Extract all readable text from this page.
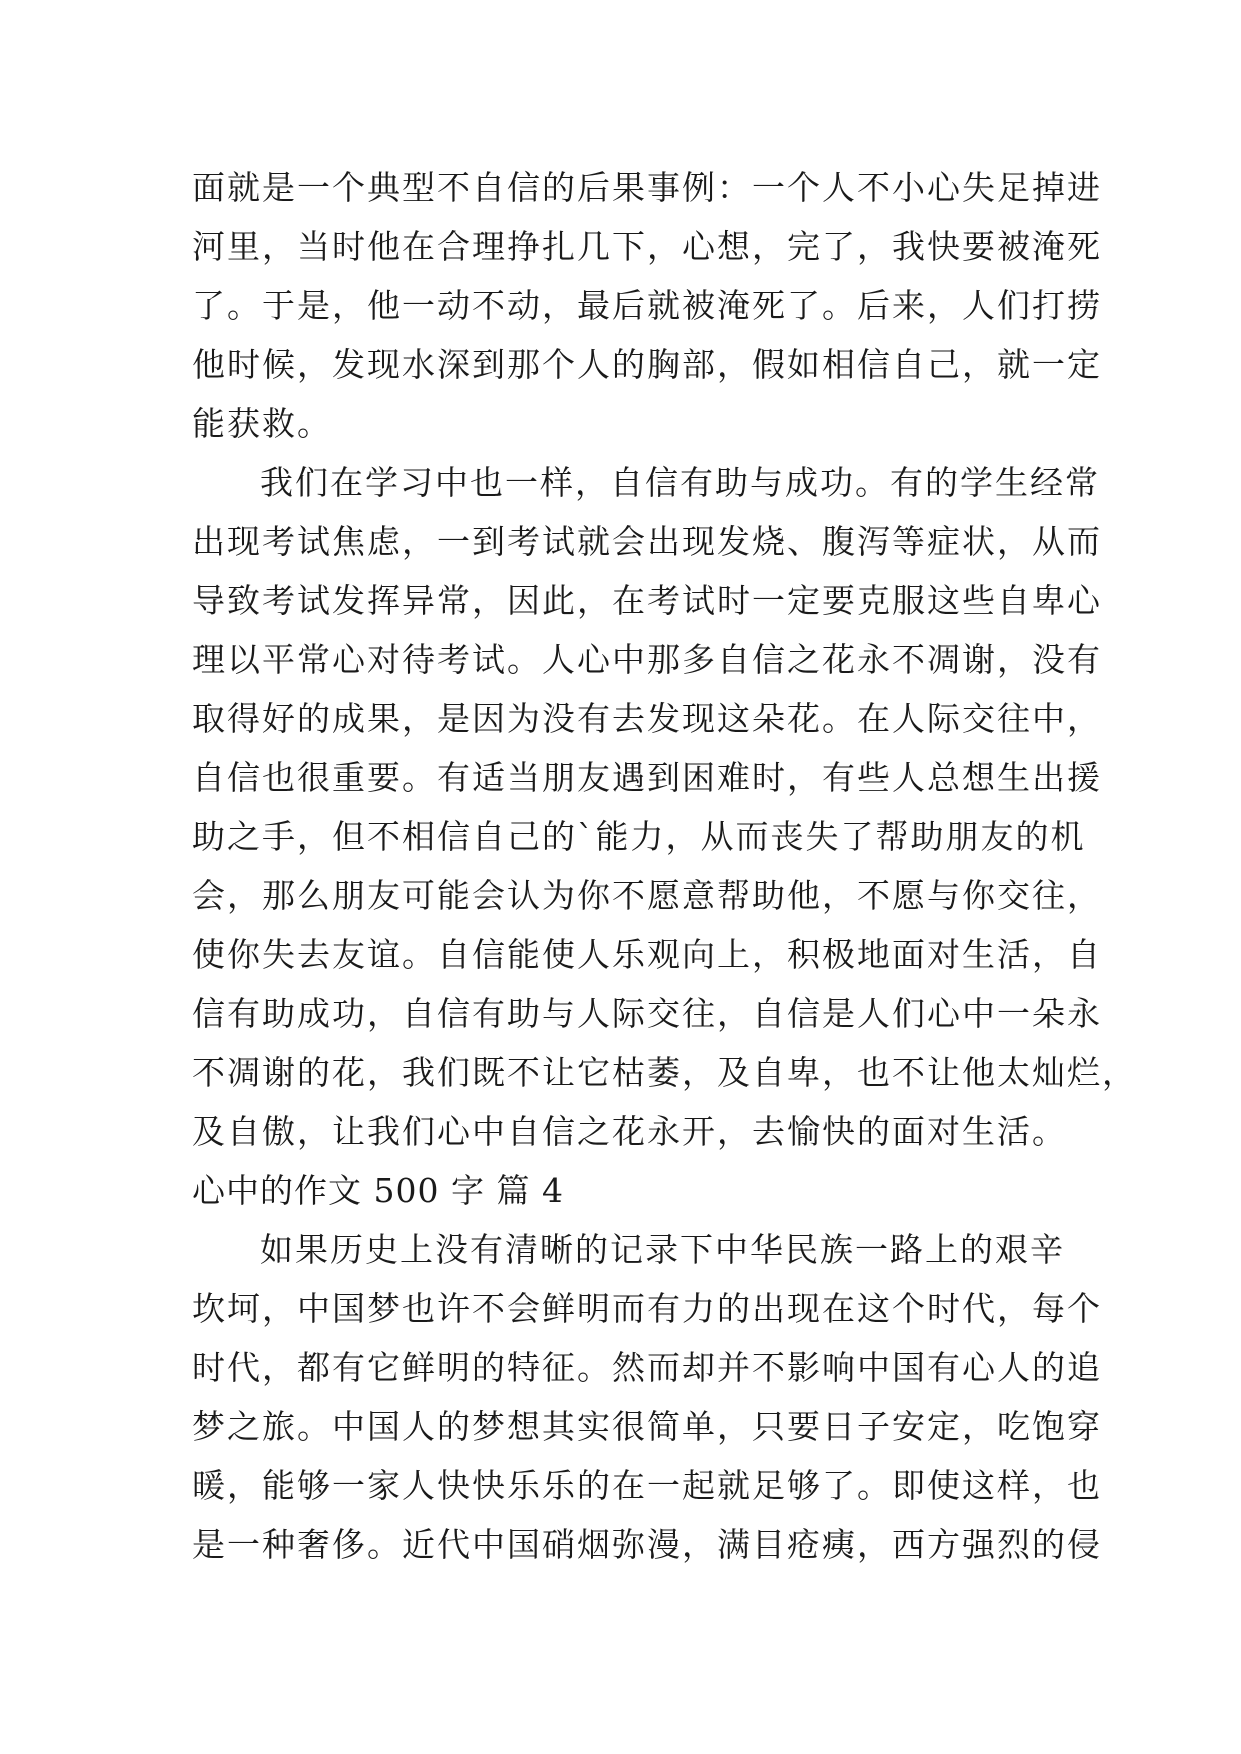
面就是一个典型不自信的后果事例：一个人不小心失足掉进
河里，当时他在合理挣扎几下，心想，完了，我快要被淹死
了。于是，他一动不动，最后就被淹死了。后来，人们打捞
他时候，发现水深到那个人的胸部，假如相信自己，就一定
能获救。
我们在学习中也一样，自信有助与成功。有的学生经常
出现考试焦虑，一到考试就会出现发烧、腹泻等症状，从而
导致考试发挥异常，因此，在考试时一定要克服这些自卑心
理以平常心对待考试。人心中那多自信之花永不凋谢，没有
取得好的成果，是因为没有去发现这朵花。在人际交往中，
自信也很重要。有适当朋友遇到困难时，有些人总想生出援
助之手，但不相信自己的`能力，从而丧失了帮助朋友的机
会，那么朋友可能会认为你不愿意帮助他，不愿与你交往，
使你失去友谊。自信能使人乐观向上，积极地面对生活，自
信有助成功，自信有助与人际交往，自信是人们心中一朵永
不凋谢的花，我们既不让它枯萎，及自卑，也不让他太灿烂，
及自傲，让我们心中自信之花永开，去愉快的面对生活。
心中的作文 500 字 篇 4
如果历史上没有清晰的记录下中华民族一路上的艰辛
坎坷，中国梦也许不会鲜明而有力的出现在这个时代，每个
时代，都有它鲜明的特征。然而却并不影响中国有心人的追
梦之旅。中国人的梦想其实很简单，只要日子安定，吃饱穿
暖，能够一家人快快乐乐的在一起就足够了。即使这样，也
是一种奢侈。近代中国硝烟弥漫，满目疮痍，西方强烈的侵
